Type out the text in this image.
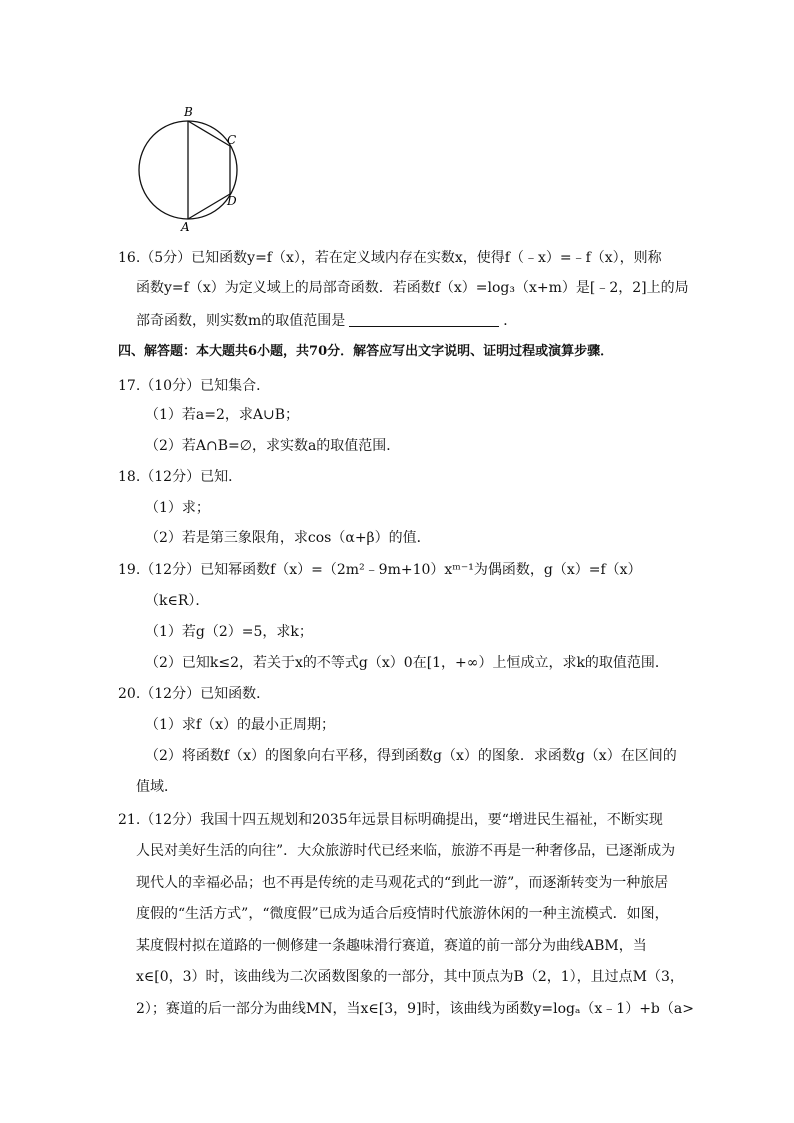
B
C
D
A
16.（5分）已知函数y=f（x），若在定义域内存在实数x，使得f（﹣x）=﹣f（x），则称
函数y=f（x）为定义域上的局部奇函数．若函数f（x）=log₃（x+m）是[﹣2，2]上的局
部奇函数，则实数m的取值范围是	．
四、解答题：本大题共6小题，共70分．解答应写出文字说明、证明过程或演算步骤．
17.（10分）已知集合．
（1）若a=2，求A∪B；
（2）若A∩B=∅，求实数a的取值范围．
18.（12分）已知．
（1）求；
（2）若是第三象限角，求cos（α+β）的值．
19.（12分）已知幂函数f（x）=（2m²﹣9m+10）xᵐ⁻¹为偶函数，g（x）=f（x）
（k∈R）．
（1）若g（2）=5，求k；
（2）已知k≤2，若关于x的不等式g（x）0在[1，+∞）上恒成立，求k的取值范围．
20.（12分）已知函数．
（1）求f（x）的最小正周期；
（2）将函数f（x）的图象向右平移，得到函数g（x）的图象．求函数g（x）在区间的
值域．
21.（12分）我国十四五规划和2035年远景目标明确提出，要“增进民生福祉，不断实现
人民对美好生活的向往”．大众旅游时代已经来临，旅游不再是一种奢侈品，已逐渐成为
现代人的幸福必品；也不再是传统的走马观花式的“到此一游”，而逐渐转变为一种旅居
度假的“生活方式”，“微度假”已成为适合后疫情时代旅游休闲的一种主流模式．如图，
某度假村拟在道路的一侧修建一条趣味滑行赛道，赛道的前一部分为曲线ABM，当
x∈[0，3）时，该曲线为二次函数图象的一部分，其中顶点为B（2，1），且过点M（3，
2）；赛道的后一部分为曲线MN，当x∈[3，9]时，该曲线为函数y=logₐ（x﹣1）+b（a>
